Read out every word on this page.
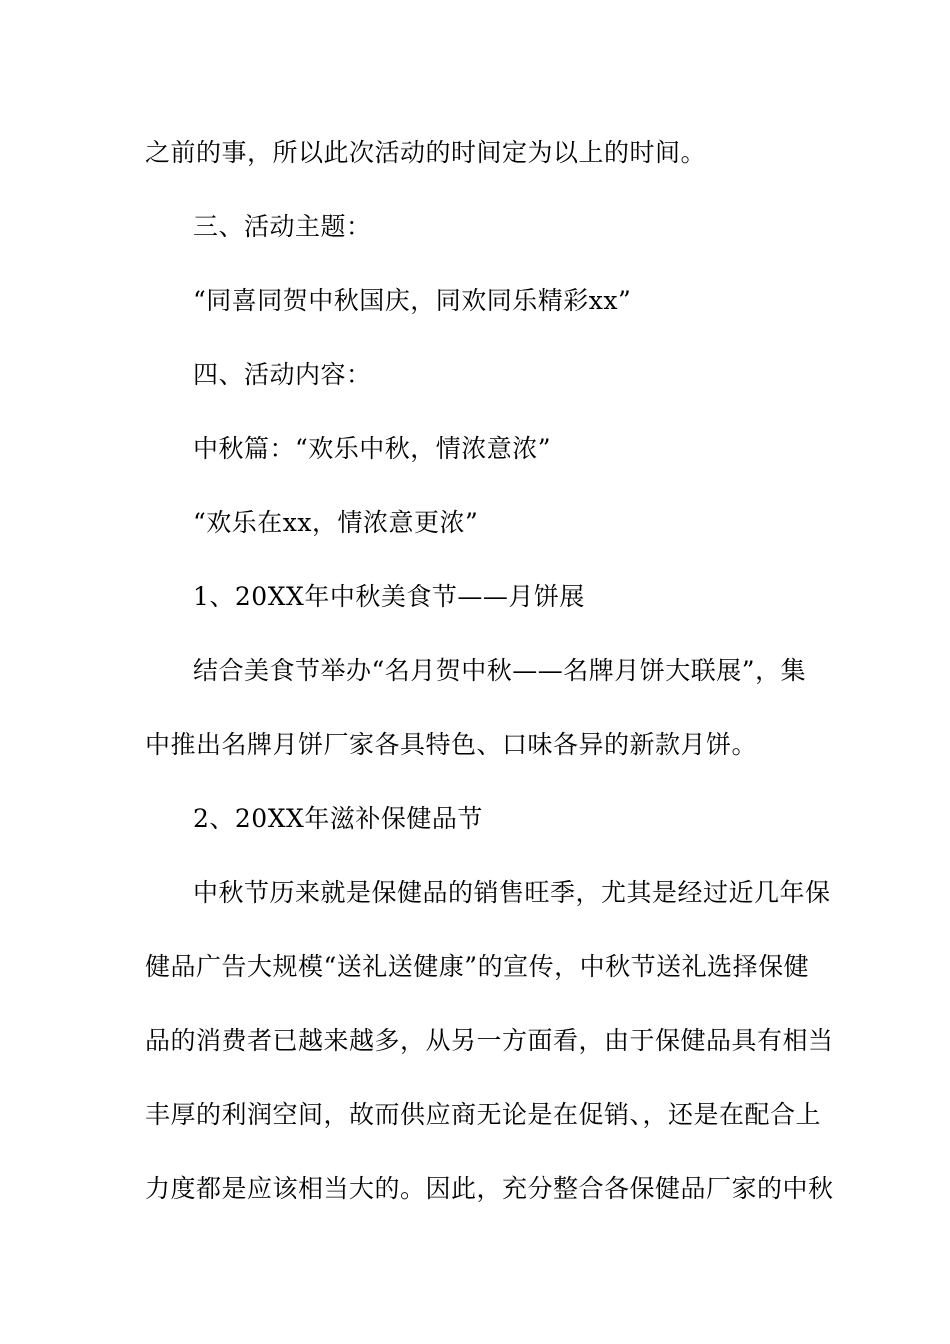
之前的事，所以此次活动的时间定为以上的时间。

三、活动主题：

“同喜同贺中秋国庆，同欢同乐精彩xx”

四、活动内容：

中秋篇：“欢乐中秋，情浓意浓”

“欢乐在xx，情浓意更浓”

1、20XX年中秋美食节——月饼展

结合美食节举办“名月贺中秋——名牌月饼大联展”，集

中推出名牌月饼厂家各具特色、口味各异的新款月饼。

2、20XX年滋补保健品节

中秋节历来就是保健品的销售旺季，尤其是经过近几年保

健品广告大规模“送礼送健康”的宣传，中秋节送礼选择保健

品的消费者已越来越多，从另一方面看，由于保健品具有相当

丰厚的利润空间，故而供应商无论是在促销、，还是在配合上

力度都是应该相当大的。因此，充分整合各保健品厂家的中秋
